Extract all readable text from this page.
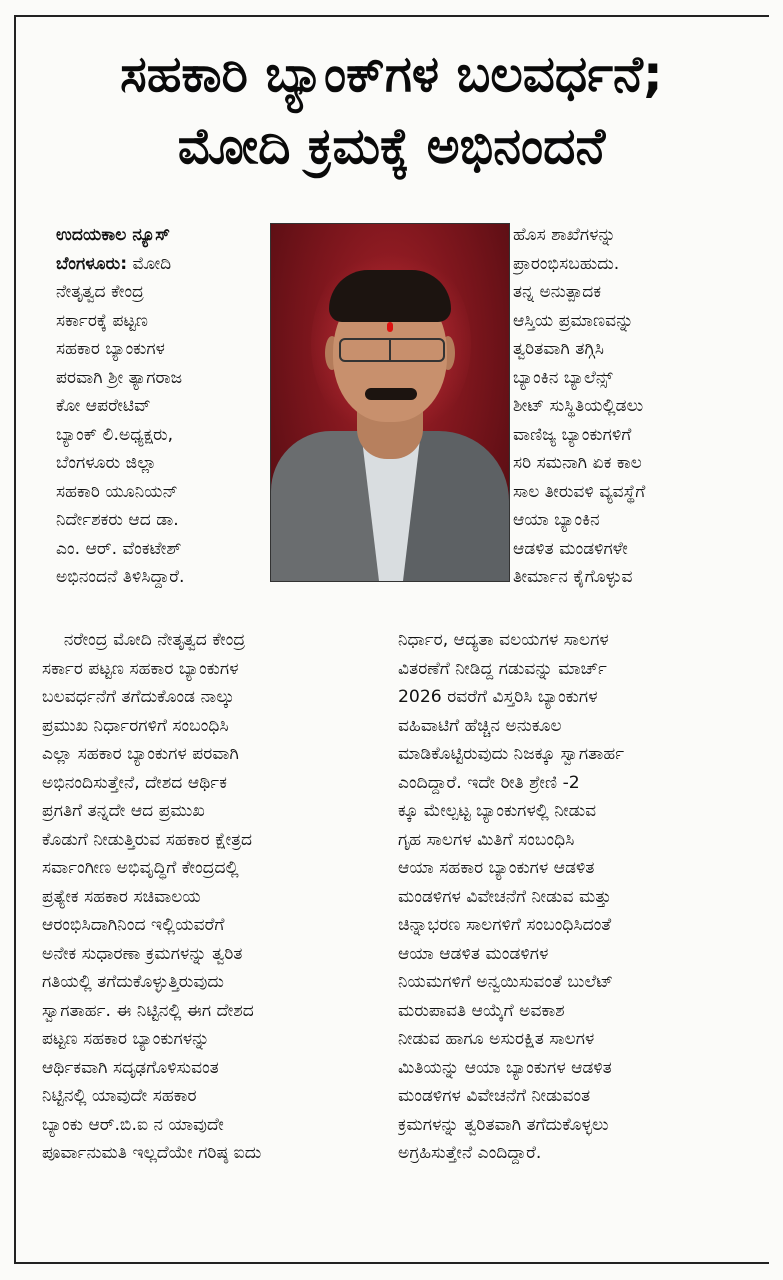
ಸಹಕಾರಿ ಬ್ಯಾಂಕ್‌ಗಳ ಬಲವರ್ಧನೆ;
ಮೋದಿ ಕ್ರಮಕ್ಕೆ ಅಭಿನಂದನೆ
ಉದಯಕಾಲ ನ್ಯೂಸ್
ಬೆಂಗಳೂರು: ಮೋದಿ
ನೇತೃತ್ವದ ಕೇಂದ್ರ
ಸರ್ಕಾರಕ್ಕೆ ಪಟ್ಟಣ
ಸಹಕಾರ ಬ್ಯಾಂಕುಗಳ
ಪರವಾಗಿ ಶ್ರೀ ತ್ಯಾಗರಾಜ
ಕೋ ಆಪರೇಟಿವ್
ಬ್ಯಾಂಕ್ ಲಿ.ಅಧ್ಯಕ್ಷರು,
ಬೆಂಗಳೂರು ಜಿಲ್ಲಾ
ಸಹಕಾರಿ ಯೂನಿಯನ್
ನಿರ್ದೇಶಕರು ಆದ ಡಾ.
ಎಂ. ಆರ್. ವೆಂಕಟೇಶ್
ಅಭಿನಂದನೆ ತಿಳಿಸಿದ್ದಾರೆ.
ಹೊಸ ಶಾಖೆಗಳನ್ನು
ಪ್ರಾರಂಭಿಸಬಹುದು.
ತನ್ನ ಅನುತ್ಪಾದಕ
ಆಸ್ತಿಯ ಪ್ರಮಾಣವನ್ನು
ತ್ವರಿತವಾಗಿ ತಗ್ಗಿಸಿ
ಬ್ಯಾಂಕಿನ ಬ್ಯಾಲೆನ್ಸ್
ಶೀಟ್ ಸುಸ್ಥಿತಿಯಲ್ಲಿಡಲು
ವಾಣಿಜ್ಯ ಬ್ಯಾಂಕುಗಳಿಗೆ
ಸರಿ ಸಮನಾಗಿ ಏಕ ಕಾಲ
ಸಾಲ ತೀರುವಳಿ ವ್ಯವಸ್ಥೆಗೆ
ಆಯಾ ಬ್ಯಾಂಕಿನ
ಆಡಳಿತ ಮಂಡಳಿಗಳೇ
ತೀರ್ಮಾನ ಕೈಗೊಳ್ಳುವ
ನರೇಂದ್ರ ಮೋದಿ ನೇತೃತ್ವದ ಕೇಂದ್ರ
ಸರ್ಕಾರ ಪಟ್ಟಣ ಸಹಕಾರ ಬ್ಯಾಂಕುಗಳ
ಬಲವರ್ಧನೆಗೆ ತಗೆದುಕೊಂಡ ನಾಲ್ಕು
ಪ್ರಮುಖ ನಿರ್ಧಾರಗಳಿಗೆ ಸಂಬಂಧಿಸಿ
ಎಲ್ಲಾ ಸಹಕಾರ ಬ್ಯಾಂಕುಗಳ ಪರವಾಗಿ
ಅಭಿನಂದಿಸುತ್ತೇನೆ, ದೇಶದ ಆರ್ಥಿಕ
ಪ್ರಗತಿಗೆ ತನ್ನದೇ ಆದ ಪ್ರಮುಖ
ಕೊಡುಗೆ ನೀಡುತ್ತಿರುವ ಸಹಕಾರ ಕ್ಷೇತ್ರದ
ಸರ್ವಾಂಗೀಣ ಅಭಿವೃದ್ಧಿಗೆ ಕೇಂದ್ರದಲ್ಲಿ
ಪ್ರತ್ಯೇಕ ಸಹಕಾರ ಸಚಿವಾಲಯ
ಆರಂಭಿಸಿದಾಗಿನಿಂದ ಇಲ್ಲಿಯವರೆಗೆ
ಅನೇಕ ಸುಧಾರಣಾ ಕ್ರಮಗಳನ್ನು ತ್ವರಿತ
ಗತಿಯಲ್ಲಿ ತಗೆದುಕೊಳ್ಳುತ್ತಿರುವುದು
ಸ್ವಾಗತಾರ್ಹ. ಈ ನಿಟ್ಟಿನಲ್ಲಿ ಈಗ ದೇಶದ
ಪಟ್ಟಣ ಸಹಕಾರ ಬ್ಯಾಂಕುಗಳನ್ನು
ಆರ್ಥಿಕವಾಗಿ ಸದೃಢಗೊಳಿಸುವಂತ
ನಿಟ್ಟಿನಲ್ಲಿ ಯಾವುದೇ ಸಹಕಾರ
ಬ್ಯಾಂಕು ಆರ್.ಬಿ.ಐ ನ ಯಾವುದೇ
ಪೂರ್ವಾನುಮತಿ ಇಲ್ಲದೆಯೇ ಗರಿಷ್ಠ ಐದು
ನಿರ್ಧಾರ, ಆದ್ಯತಾ ವಲಯಗಳ ಸಾಲಗಳ
ವಿತರಣೆಗೆ ನೀಡಿದ್ದ ಗಡುವನ್ನು ಮಾರ್ಚ್
2026 ರವರೆಗೆ ವಿಸ್ತರಿಸಿ ಬ್ಯಾಂಕುಗಳ
ವಹಿವಾಟಿಗೆ ಹೆಚ್ಚಿನ ಅನುಕೂಲ
ಮಾಡಿಕೊಟ್ಟಿರುವುದು ನಿಜಕ್ಕೂ ಸ್ವಾಗತಾರ್ಹ
ಎಂದಿದ್ದಾರೆ. ಇದೇ ರೀತಿ ಶ್ರೇಣಿ -2
ಕ್ಕೂ ಮೇಲ್ಪಟ್ಟ ಬ್ಯಾಂಕುಗಳಲ್ಲಿ ನೀಡುವ
ಗೃಹ ಸಾಲಗಳ ಮಿತಿಗೆ ಸಂಬಂಧಿಸಿ
ಆಯಾ ಸಹಕಾರ ಬ್ಯಾಂಕುಗಳ ಆಡಳಿತ
ಮಂಡಳಿಗಳ ವಿವೇಚನೆಗೆ ನೀಡುವ ಮತ್ತು
ಚಿನ್ನಾಭರಣ ಸಾಲಗಳಿಗೆ ಸಂಬಂಧಿಸಿದಂತೆ
ಆಯಾ ಆಡಳಿತ ಮಂಡಳಿಗಳ
ನಿಯಮಗಳಿಗೆ ಅನ್ವಯಿಸುವಂತೆ ಬುಲೆಟ್
ಮರುಪಾವತಿ ಆಯ್ಕೆಗೆ ಅವಕಾಶ
ನೀಡುವ ಹಾಗೂ ಅಸುರಕ್ಷಿತ ಸಾಲಗಳ
ಮಿತಿಯನ್ನು ಆಯಾ ಬ್ಯಾಂಕುಗಳ ಆಡಳಿತ
ಮಂಡಳಿಗಳ ವಿವೇಚನೆಗೆ ನೀಡುವಂತ
ಕ್ರಮಗಳನ್ನು ತ್ವರಿತವಾಗಿ ತಗೆದುಕೊಳ್ಳಲು
ಅಗ್ರಹಿಸುತ್ತೇನೆ ಎಂದಿದ್ದಾರೆ.
